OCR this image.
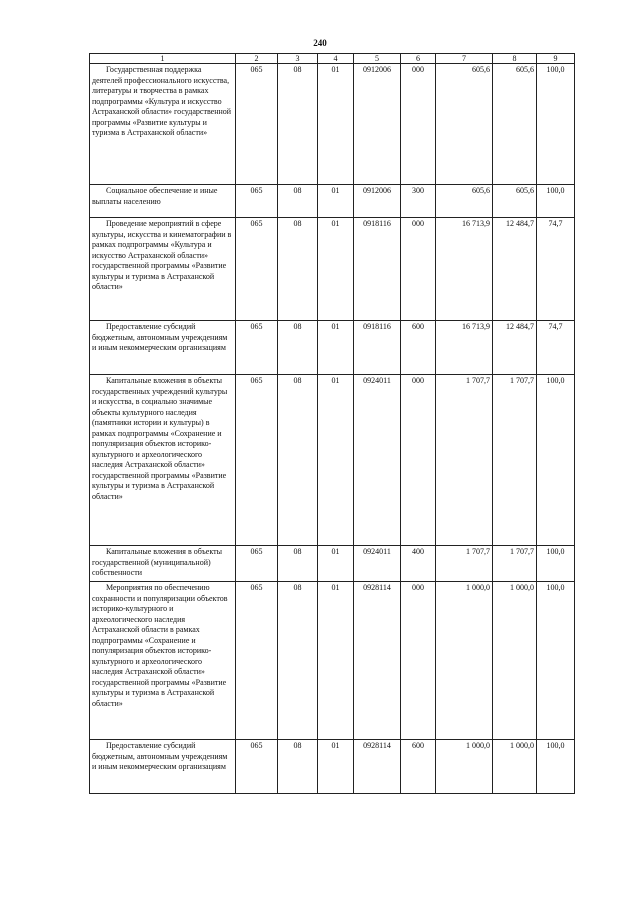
240
1	2	3	4	5	6	7	8	9
Государственная поддержка деятелей профессионального искусства, литературы и творчества в рамках подпрограммы «Культура и искусство Астраханской области» государственной программы «Развитие культуры и туризма в Астраханской области»	065	08	01	0912006	000	605,6	605,6	100,0
Социальное обеспечение и иные выплаты населению	065	08	01	0912006	300	605,6	605,6	100,0
Проведение мероприятий в сфере культуры, искусства и кинематографии в рамках подпрограммы «Культура и искусство Астраханской области» государственной программы «Развитие культуры и туризма в Астраханской области»	065	08	01	0918116	000	16 713,9	12 484,7	74,7
Предоставление субсидий бюджетным, автономным учреждениям и иным некоммерческим организациям	065	08	01	0918116	600	16 713,9	12 484,7	74,7
Капитальные вложения в объекты государственных учреждений культуры и искусства, в социально значимые объекты культурного наследия (памятники истории и культуры) в рамках подпрограммы «Сохранение и популяризация объектов историко-культурного и археологического наследия Астраханской области» государственной программы «Развитие культуры и туризма в Астраханской области»	065	08	01	0924011	000	1 707,7	1 707,7	100,0
Капитальные вложения в объекты государственной (муниципальной) собственности	065	08	01	0924011	400	1 707,7	1 707,7	100,0
Мероприятия по обеспечению сохранности и популяризации объектов историко-культурного и археологического наследия Астраханской области в рамках подпрограммы «Сохранение и популяризация объектов историко-культурного и археологического наследия Астраханской области» государственной программы «Развитие культуры и туризма в Астраханской области»	065	08	01	0928114	000	1 000,0	1 000,0	100,0
Предоставление субсидий бюджетным, автономным учреждениям и иным некоммерческим организациям	065	08	01	0928114	600	1 000,0	1 000,0	100,0
